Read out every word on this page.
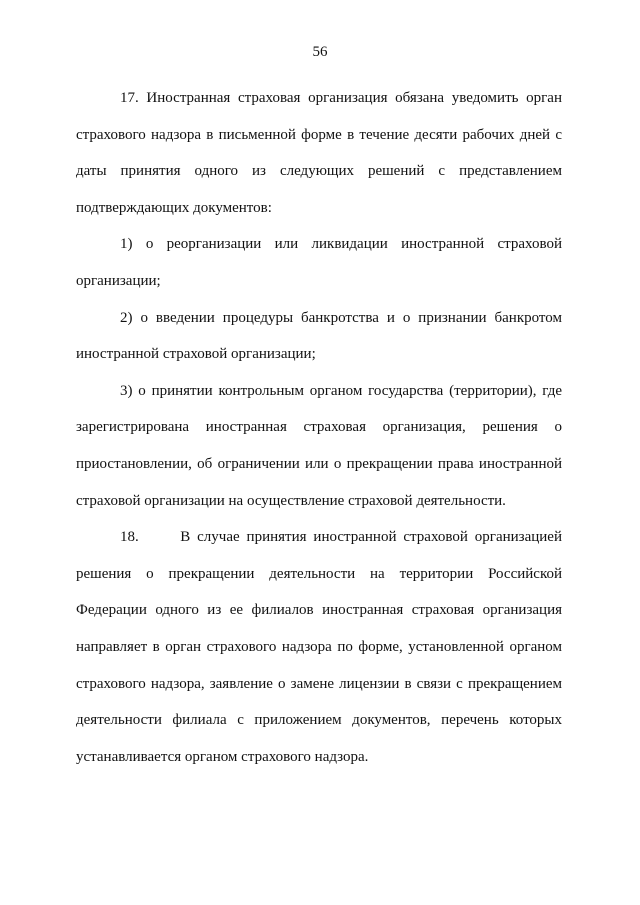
56

17. Иностранная страховая организация обязана уведомить орган страхового надзора в письменной форме в течение десяти рабочих дней с даты принятия одного из следующих решений с представлением подтверждающих документов:

1) о реорганизации или ликвидации иностранной страховой организации;

2) о введении процедуры банкротства и о признании банкротом иностранной страховой организации;

3) о принятии контрольным органом государства (территории), где зарегистрирована иностранная страховая организация, решения о приостановлении, об ограничении или о прекращении права иностранной страховой организации на осуществление страховой деятельности.

18.      В случае принятия иностранной страховой организацией решения о прекращении деятельности на территории Российской Федерации одного из ее филиалов иностранная страховая организация направляет в орган страхового надзора по форме, установленной органом страхового надзора, заявление о замене лицензии в связи с прекращением деятельности филиала с приложением документов, перечень которых устанавливается органом страхового надзора.
